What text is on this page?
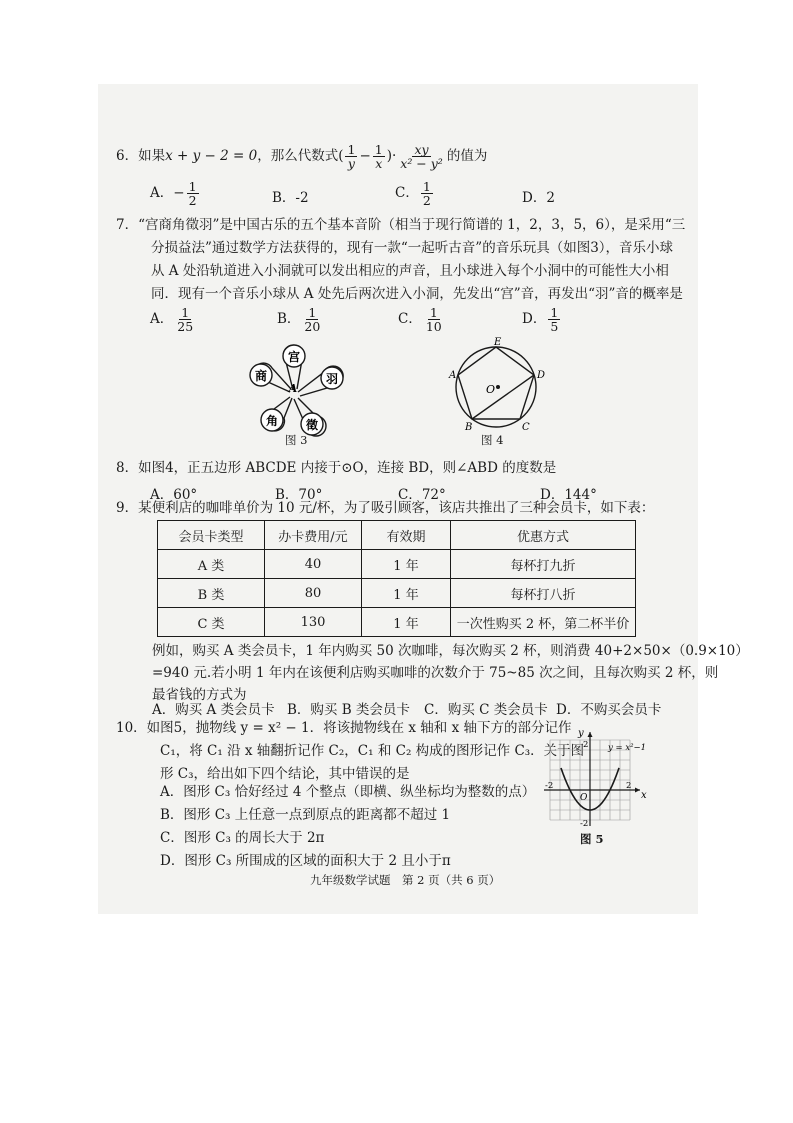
6．如果x + y − 2 = 0，那么代数式( $\frac{1}{y} - \frac{1}{x}$ )· $\frac{xy}{\text{x² − y²}}$ 的值为
A．− $\frac{1}{2}$	B．-2	C． $\frac{1}{2}$	D．2
7．“宫商角徵羽”是中国古乐的五个基本音阶（相当于现行简谱的 1，2，3，5，6），是采用“三
分损益法”通过数学方法获得的，现有一款“一起听古音”的音乐玩具（如图3），音乐小球
从 A 处沿轨道进入小洞就可以发出相应的声音，且小球进入每个小洞中的可能性大小相
同．现有一个音乐小球从 A 处先后两次进入小洞，先发出“宫”音，再发出“羽”音的概率是
A． $\frac{1}{25}$	B． $\frac{1}{20}$	C． $\frac{1}{10}$	D． $\frac{1}{5}$
宫
羽
徵
角
商
A
图 3
O
E
D
C
B
A
图 4
8．如图4，正五边形 ABCDE 内接于⊙O，连接 BD，则∠ABD 的度数是
A．60°	B．70°	C．72°	D．144°
9．某便利店的咖啡单价为 10 元/杯，为了吸引顾客，该店共推出了三种会员卡，如下表：
会员卡类型	办卡费用/元	有效期	优惠方式
A 类	40	1 年	每杯打九折
B 类	80	1 年	每杯打八折
C 类	130	1 年	一次性购买 2 杯，第二杯半价
例如，购买 A 类会员卡，1 年内购买 50 次咖啡，每次购买 2 杯，则消费 40+2×50×（0.9×10）
=940 元.若小明 1 年内在该便利店购买咖啡的次数介于 75~85 次之间，且每次购买 2 杯，则
最省钱的方式为
A．购买 A 类会员卡 B．购买 B 类会员卡 C．购买 C 类会员卡 D．不购买会员卡
10．如图5，抛物线 y = x² − 1．将该抛物线在 x 轴和 x 轴下方的部分记作
C₁，将 C₁ 沿 x 轴翻折记作 C₂，C₁ 和 C₂ 构成的图形记作 C₃．关于图
形 C₃，给出如下四个结论，其中错误的是
A．图形 C₃ 恰好经过 4 个整点（即横、纵坐标均为整数的点）
B．图形 C₃ 上任意一点到原点的距离都不超过 1
C．图形 C₃ 的周长大于 2π
D．图形 C₃ 所围成的区域的面积大于 2 且小于π
y
x
O
y = x²−1
-2	2
2
-2
图 5
九年级数学试题　第 2 页（共 6 页）
